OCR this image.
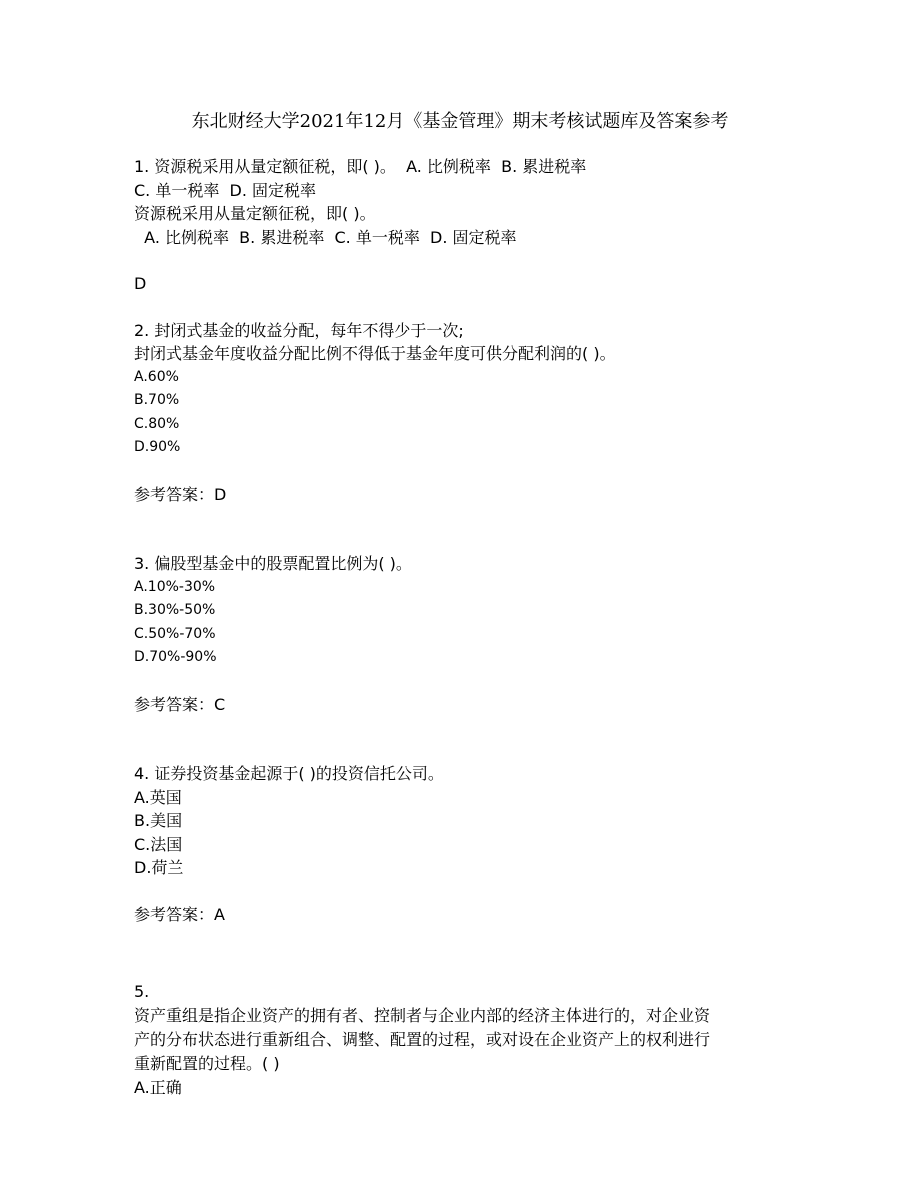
东北财经大学2021年12月《基金管理》期末考核试题库及答案参考
1. 资源税采用从量定额征税，即( )。  A. 比例税率  B. 累进税率
C. 单一税率  D. 固定税率
资源税采用从量定额征税，即( )。
A. 比例税率  B. 累进税率  C. 单一税率  D. 固定税率
D
2. 封闭式基金的收益分配，每年不得少于一次;
封闭式基金年度收益分配比例不得低于基金年度可供分配利润的( )。
A.60%
B.70%
C.80%
D.90%
参考答案：D
3. 偏股型基金中的股票配置比例为( )。
A.10%-30%
B.30%-50%
C.50%-70%
D.70%-90%
参考答案：C
4. 证券投资基金起源于( )的投资信托公司。
A.英国
B.美国
C.法国
D.荷兰
参考答案：A
5.
资产重组是指企业资产的拥有者、控制者与企业内部的经济主体进行的，对企业资
产的分布状态进行重新组合、调整、配置的过程，或对设在企业资产上的权利进行
重新配置的过程。( )
A.正确
